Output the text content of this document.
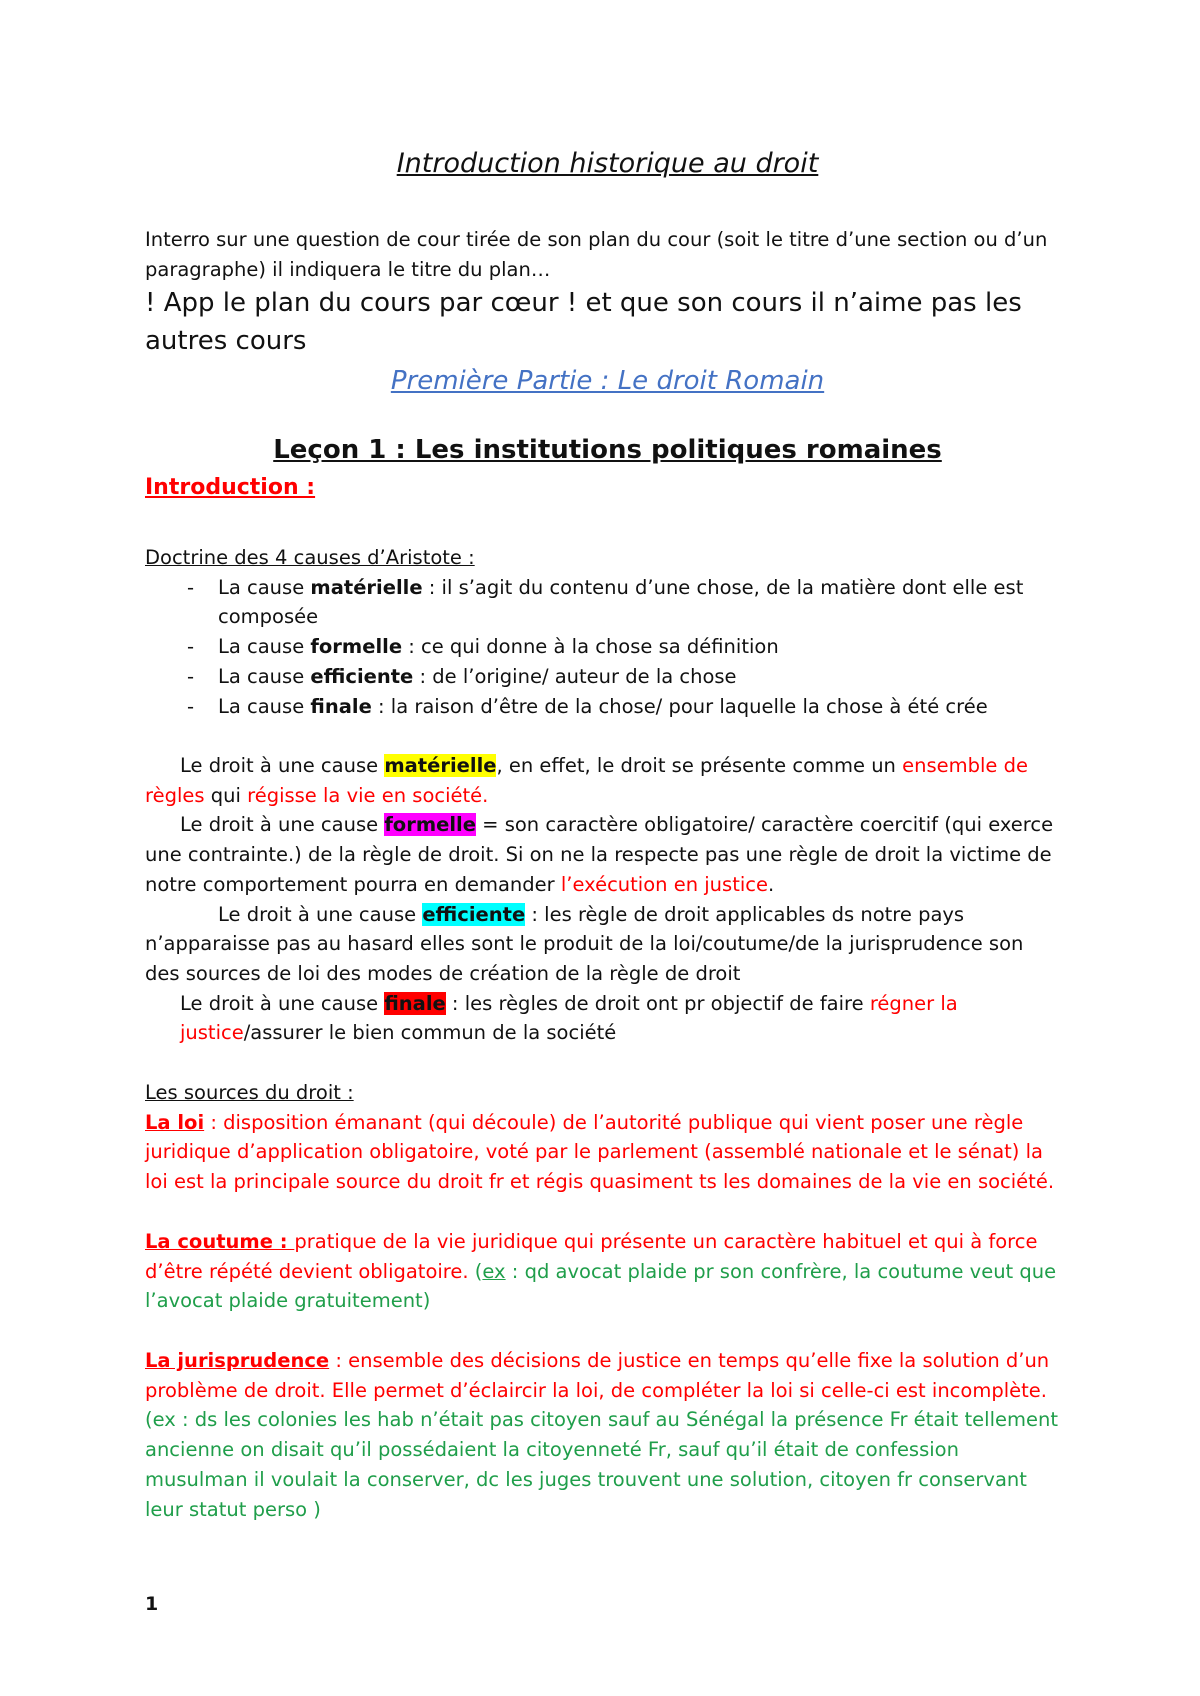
Introduction historique au droit
Interro sur une question de cour tirée de son plan du cour (soit le titre d’une section ou d’un
paragraphe) il indiquera le titre du plan…
! App le plan du cours par cœur ! et que son cours il n’aime pas les
autres cours
Première Partie : Le droit Romain
Leçon 1 : Les institutions politiques romaines
Introduction :
Doctrine des 4 causes d’Aristote :
- La cause matérielle : il s’agit du contenu d’une chose, de la matière dont elle est
composée
- La cause formelle : ce qui donne à la chose sa définition
- La cause efficiente : de l’origine/ auteur de la chose
- La cause finale : la raison d’être de la chose/ pour laquelle la chose à été crée
Le droit à une cause matérielle, en effet, le droit se présente comme un ensemble de
règles qui régisse la vie en société.
Le droit à une cause formelle = son caractère obligatoire/ caractère coercitif (qui exerce
une contrainte.) de la règle de droit. Si on ne la respecte pas une règle de droit la victime de
notre comportement pourra en demander l’exécution en justice.
Le droit à une cause efficiente : les règle de droit applicables ds notre pays
n’apparaisse pas au hasard elles sont le produit de la loi/coutume/de la jurisprudence son
des sources de loi des modes de création de la règle de droit
Le droit à une cause finale : les règles de droit ont pr objectif de faire régner la
justice/assurer le bien commun de la société
Les sources du droit :
La loi : disposition émanant (qui découle) de l’autorité publique qui vient poser une règle
juridique d’application obligatoire, voté par le parlement (assemblé nationale et le sénat) la
loi est la principale source du droit fr et régis quasiment ts les domaines de la vie en société.
La coutume : pratique de la vie juridique qui présente un caractère habituel et qui à force
d’être répété devient obligatoire. (ex : qd avocat plaide pr son confrère, la coutume veut que
l’avocat plaide gratuitement)
La jurisprudence : ensemble des décisions de justice en temps qu’elle fixe la solution d’un
problème de droit. Elle permet d’éclaircir la loi, de compléter la loi si celle-ci est incomplète.
(ex : ds les colonies les hab n’était pas citoyen sauf au Sénégal la présence Fr était tellement
ancienne on disait qu’il possédaient la citoyenneté Fr, sauf qu’il était de confession
musulman il voulait la conserver, dc les juges trouvent une solution, citoyen fr conservant
leur statut perso )
1
